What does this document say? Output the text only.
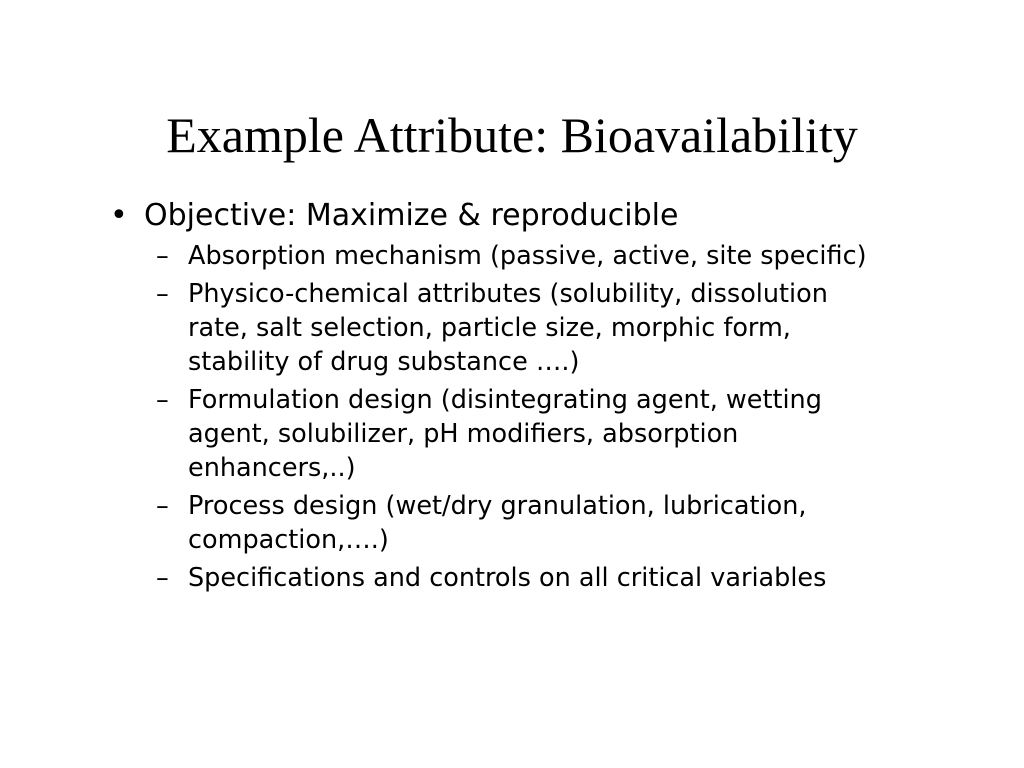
Example Attribute: Bioavailability
• Objective: Maximize & reproducible
– Absorption mechanism (passive, active, site specific)
– Physico-chemical attributes (solubility, dissolution rate, salt selection, particle size, morphic form, stability of drug substance ….)
– Formulation design (disintegrating agent, wetting agent, solubilizer, pH modifiers, absorption enhancers,..)
– Process design (wet/dry granulation, lubrication, compaction,….)
– Specifications and controls on all critical variables
